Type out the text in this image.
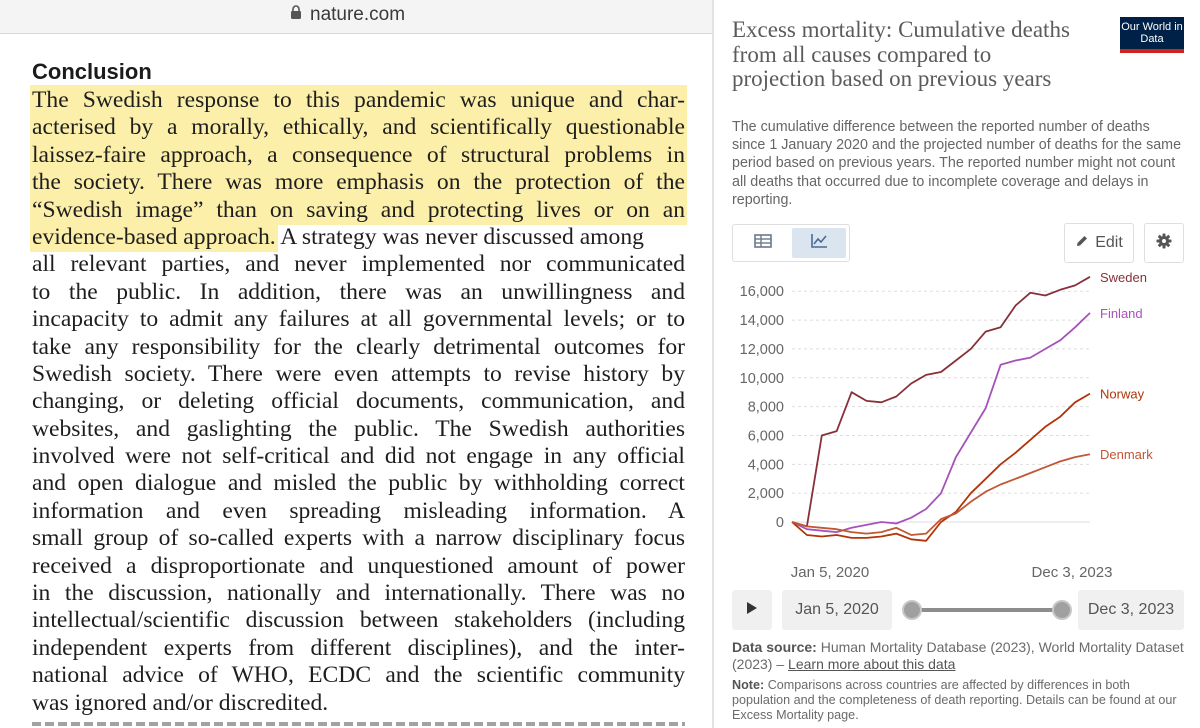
nature.com
Conclusion
The Swedish response to this pandemic was unique and char-
acterised by a morally, ethically, and scientifically questionable
laissez-faire approach, a consequence of structural problems in
the society. There was more emphasis on the protection of the
“Swedish image” than on saving and protecting lives or on an
evidence-based approach. A strategy was never discussed among
all relevant parties, and never implemented nor communicated
to the public. In addition, there was an unwillingness and
incapacity to admit any failures at all governmental levels; or to
take any responsibility for the clearly detrimental outcomes for
Swedish society. There were even attempts to revise history by
changing, or deleting official documents, communication, and
websites, and gaslighting the public. The Swedish authorities
involved were not self-critical and did not engage in any official
and open dialogue and misled the public by withholding correct
information and even spreading misleading information. A
small group of so-called experts with a narrow disciplinary focus
received a disproportionate and unquestioned amount of power
in the discussion, nationally and internationally. There was no
intellectual/scientific discussion between stakeholders (including
independent experts from different disciplines), and the inter-
national advice of WHO, ECDC and the scientific community
was ignored and/or discredited.
Excess mortality: Cumulative deaths from all causes compared to projection based on previous years
Our World in Data
The cumulative difference between the reported number of deaths since 1 January 2020 and the projected number of deaths for the same period based on previous years. The reported number might not count all deaths that occurred due to incomplete coverage and delays in reporting.
Edit
0
2,000
4,000
6,000
8,000
10,000
12,000
14,000
16,000
Jan 5, 2020	Dec 3, 2023
Sweden
Finland
Norway
Denmark
Jan 5, 2020	Dec 3, 2023
Data source: Human Mortality Database (2023), World Mortality Dataset (2023) – Learn more about this data
Note: Comparisons across countries are affected by differences in both population and the completeness of death reporting. Details can be found at our Excess Mortality page.
